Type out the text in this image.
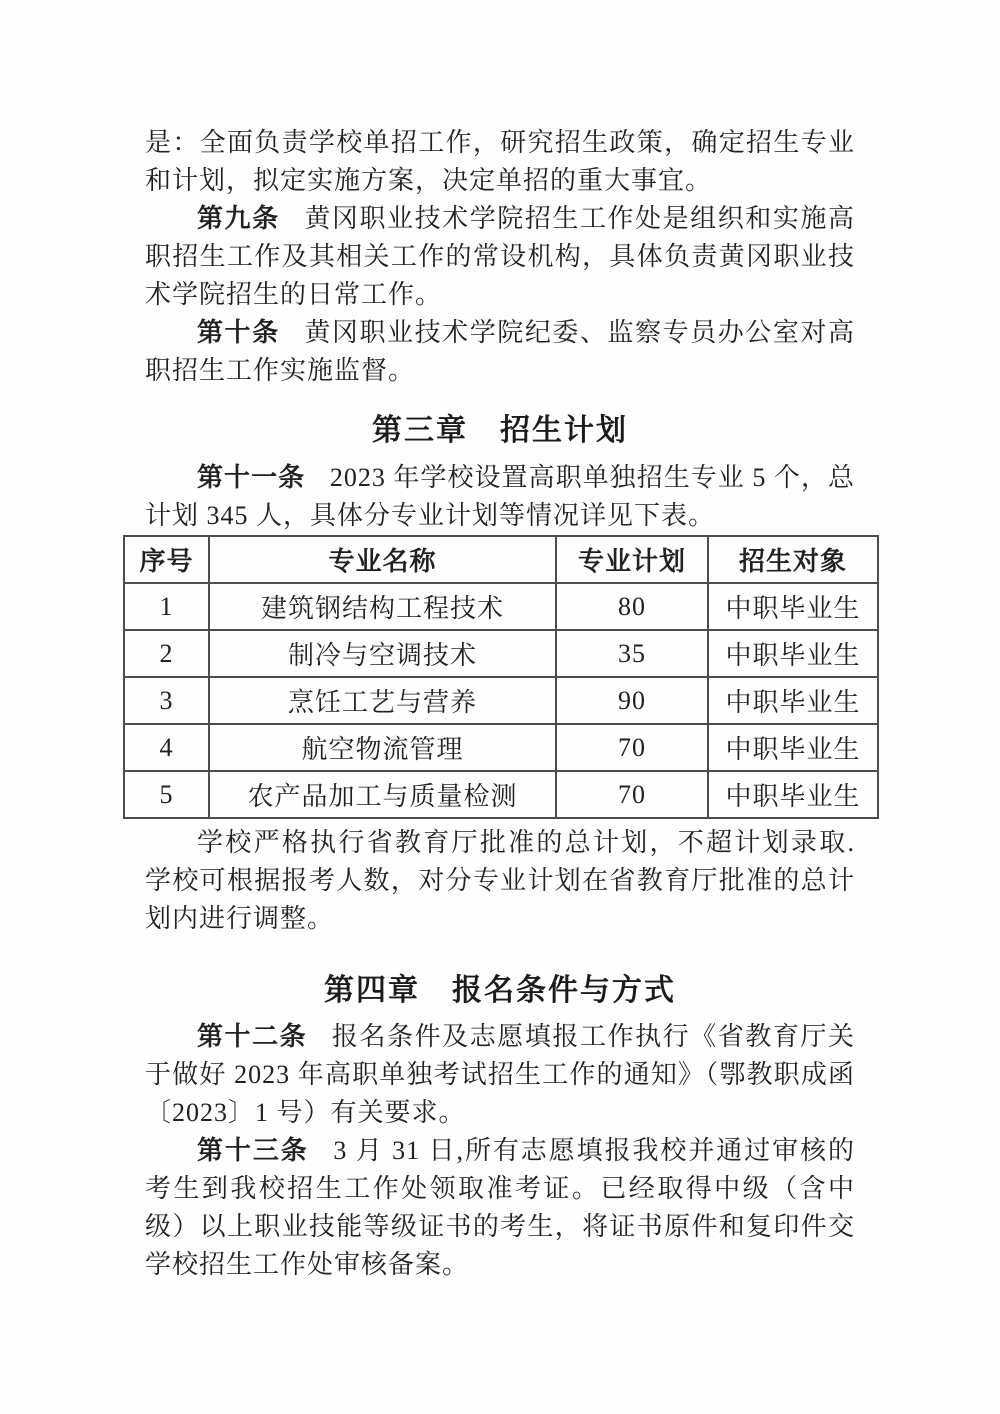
是：全面负责学校单招工作，研究招生政策，确定招生专业和计划，拟定实施方案，决定单招的重大事宜。

第九条 黄冈职业技术学院招生工作处是组织和实施高职招生工作及其相关工作的常设机构，具体负责黄冈职业技术学院招生的日常工作。

第十条 黄冈职业技术学院纪委、监察专员办公室对高职招生工作实施监督。

第三章　招生计划

第十一条 2023 年学校设置高职单独招生专业 5 个，总计划 345 人，具体分专业计划等情况详见下表。

序号	专业名称	专业计划	招生对象
1	建筑钢结构工程技术	80	中职毕业生
2	制冷与空调技术	35	中职毕业生
3	烹饪工艺与营养	90	中职毕业生
4	航空物流管理	70	中职毕业生
5	农产品加工与质量检测	70	中职毕业生

学校严格执行省教育厅批准的总计划，不超计划录取. 学校可根据报考人数，对分专业计划在省教育厅批准的总计划内进行调整。

第四章　报名条件与方式

第十二条 报名条件及志愿填报工作执行《省教育厅关于做好 2023 年高职单独考试招生工作的通知》（鄂教职成函〔2023〕1 号）有关要求。

第十三条 3 月 31 日,所有志愿填报我校并通过审核的考生到我校招生工作处领取准考证。已经取得中级（含中级）以上职业技能等级证书的考生，将证书原件和复印件交学校招生工作处审核备案。
